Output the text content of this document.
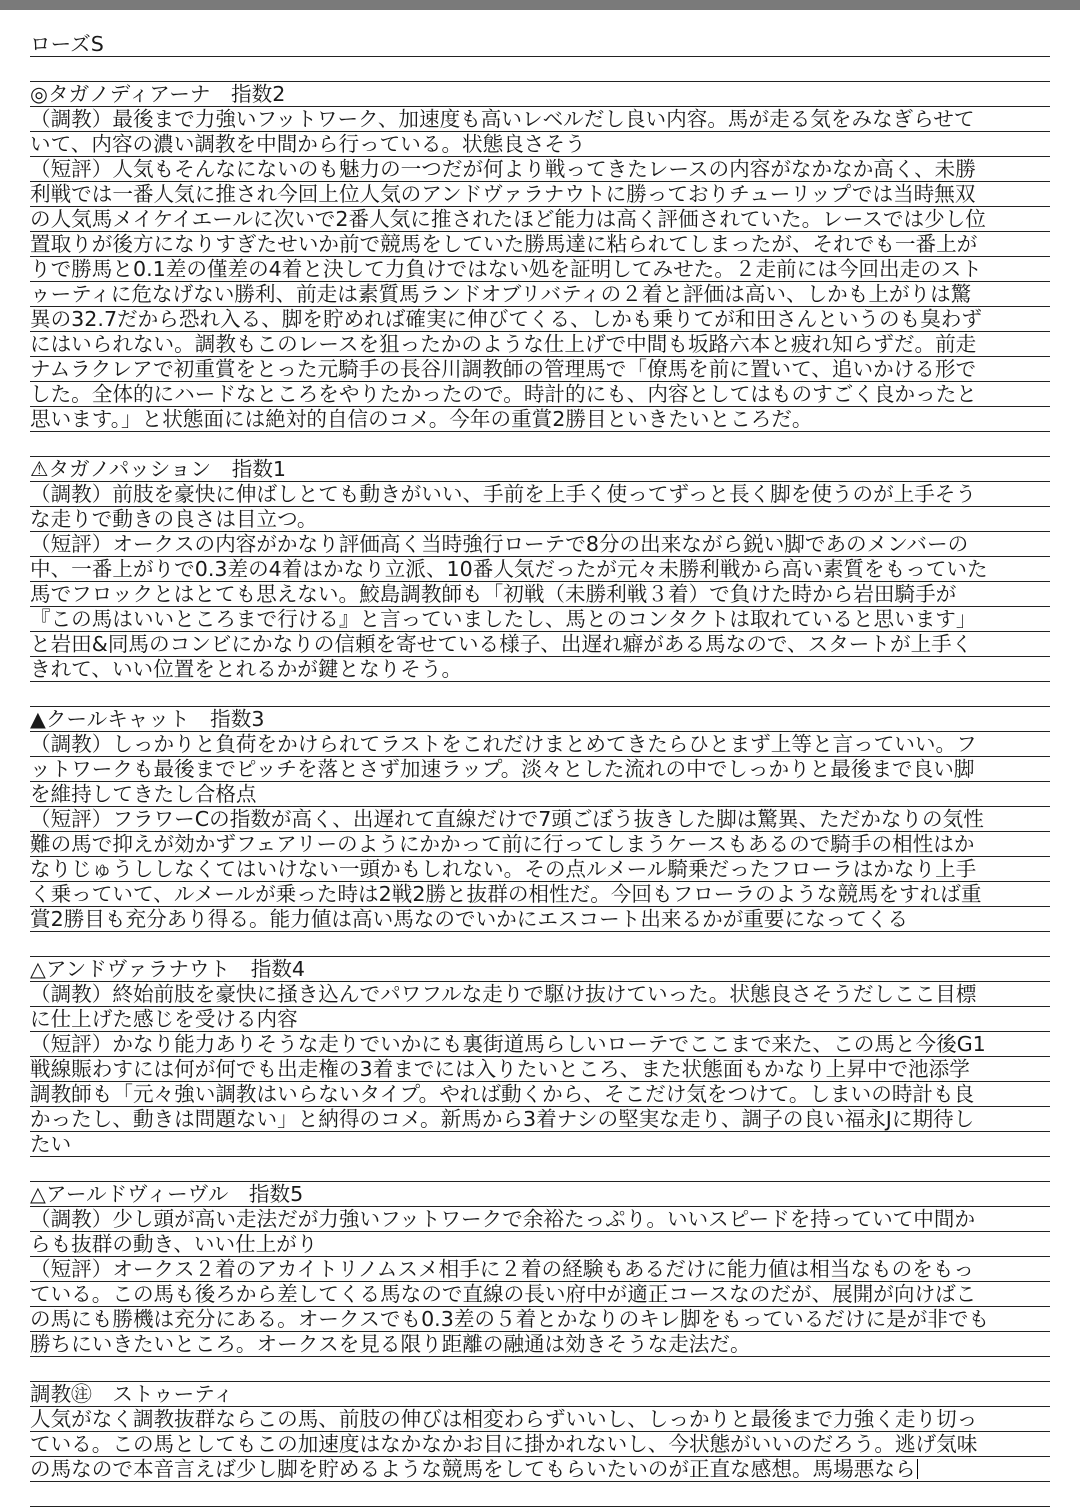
ローズS
◎タガノディアーナ　指数2
（調教）最後まで力強いフットワーク、加速度も高いレベルだし良い内容。馬が走る気をみなぎらせて
いて、内容の濃い調教を中間から行っている。状態良さそう
（短評）人気もそんなにないのも魅力の一つだが何より戦ってきたレースの内容がなかなか高く、未勝
利戦では一番人気に推され今回上位人気のアンドヴァラナウトに勝っておりチューリップでは当時無双
の人気馬メイケイエールに次いで2番人気に推されたほど能力は高く評価されていた。レースでは少し位
置取りが後方になりすぎたせいか前で競馬をしていた勝馬達に粘られてしまったが、それでも一番上が
りで勝馬と0.1差の僅差の4着と決して力負けではない処を証明してみせた。２走前には今回出走のスト
ゥーティに危なげない勝利、前走は素質馬ランドオブリバティの２着と評価は高い、しかも上がりは驚
異の32.7だから恐れ入る、脚を貯めれば確実に伸びてくる、しかも乗りてが和田さんというのも臭わず
にはいられない。調教もこのレースを狙ったかのような仕上げで中間も坂路六本と疲れ知らずだ。前走
ナムラクレアで初重賞をとった元騎手の長谷川調教師の管理馬で「僚馬を前に置いて、追いかける形で
した。全体的にハードなところをやりたかったので。時計的にも、内容としてはものすごく良かったと
思います。」と状態面には絶対的自信のコメ。今年の重賞2勝目といきたいところだ。
⚠タガノパッション　指数1
（調教）前肢を豪快に伸ばしとても動きがいい、手前を上手く使ってずっと長く脚を使うのが上手そう
な走りで動きの良さは目立つ。
（短評）オークスの内容がかなり評価高く当時強行ローテで8分の出来ながら鋭い脚であのメンバーの
中、一番上がりで0.3差の4着はかなり立派、10番人気だったが元々未勝利戦から高い素質をもっていた
馬でフロックとはとても思えない。鮫島調教師も「初戦（未勝利戦３着）で負けた時から岩田騎手が
『この馬はいいところまで行ける』と言っていましたし、馬とのコンタクトは取れていると思います」
と岩田&同馬のコンビにかなりの信頼を寄せている様子、出遅れ癖がある馬なので、スタートが上手く
きれて、いい位置をとれるかが鍵となりそう。
▲クールキャット　指数3
（調教）しっかりと負荷をかけられてラストをこれだけまとめてきたらひとまず上等と言っていい。フ
ットワークも最後までピッチを落とさず加速ラップ。淡々とした流れの中でしっかりと最後まで良い脚
を維持してきたし合格点
（短評）フラワーCの指数が高く、出遅れて直線だけで7頭ごぼう抜きした脚は驚異、ただかなりの気性
難の馬で抑えが効かずフェアリーのようにかかって前に行ってしまうケースもあるので騎手の相性はか
なりじゅうししなくてはいけない一頭かもしれない。その点ルメール騎乗だったフローラはかなり上手
く乗っていて、ルメールが乗った時は2戦2勝と抜群の相性だ。今回もフローラのような競馬をすれば重
賞2勝目も充分あり得る。能力値は高い馬なのでいかにエスコート出来るかが重要になってくる
△アンドヴァラナウト　指数4
（調教）終始前肢を豪快に掻き込んでパワフルな走りで駆け抜けていった。状態良さそうだしここ目標
に仕上げた感じを受ける内容
（短評）かなり能力ありそうな走りでいかにも裏街道馬らしいローテでここまで来た、この馬と今後G1
戦線賑わすには何が何でも出走権の3着までには入りたいところ、また状態面もかなり上昇中で池添学
調教師も「元々強い調教はいらないタイプ。やれば動くから、そこだけ気をつけて。しまいの時計も良
かったし、動きは問題ない」と納得のコメ。新馬から3着ナシの堅実な走り、調子の良い福永Jに期待し
たい
△アールドヴィーヴル　指数5
（調教）少し頭が高い走法だが力強いフットワークで余裕たっぷり。いいスピードを持っていて中間か
らも抜群の動き、いい仕上がり
（短評）オークス２着のアカイトリノムスメ相手に２着の経験もあるだけに能力値は相当なものをもっ
ている。この馬も後ろから差してくる馬なので直線の長い府中が適正コースなのだが、展開が向けばこ
の馬にも勝機は充分にある。オークスでも0.3差の５着とかなりのキレ脚をもっているだけに是が非でも
勝ちにいきたいところ。オークスを見る限り距離の融通は効きそうな走法だ。
調教㊟　ストゥーティ
人気がなく調教抜群ならこの馬、前肢の伸びは相変わらずいいし、しっかりと最後まで力強く走り切っ
ている。この馬としてもこの加速度はなかなかお目に掛かれないし、今状態がいいのだろう。逃げ気味
の馬なので本音言えば少し脚を貯めるような競馬をしてもらいたいのが正直な感想。馬場悪なら
